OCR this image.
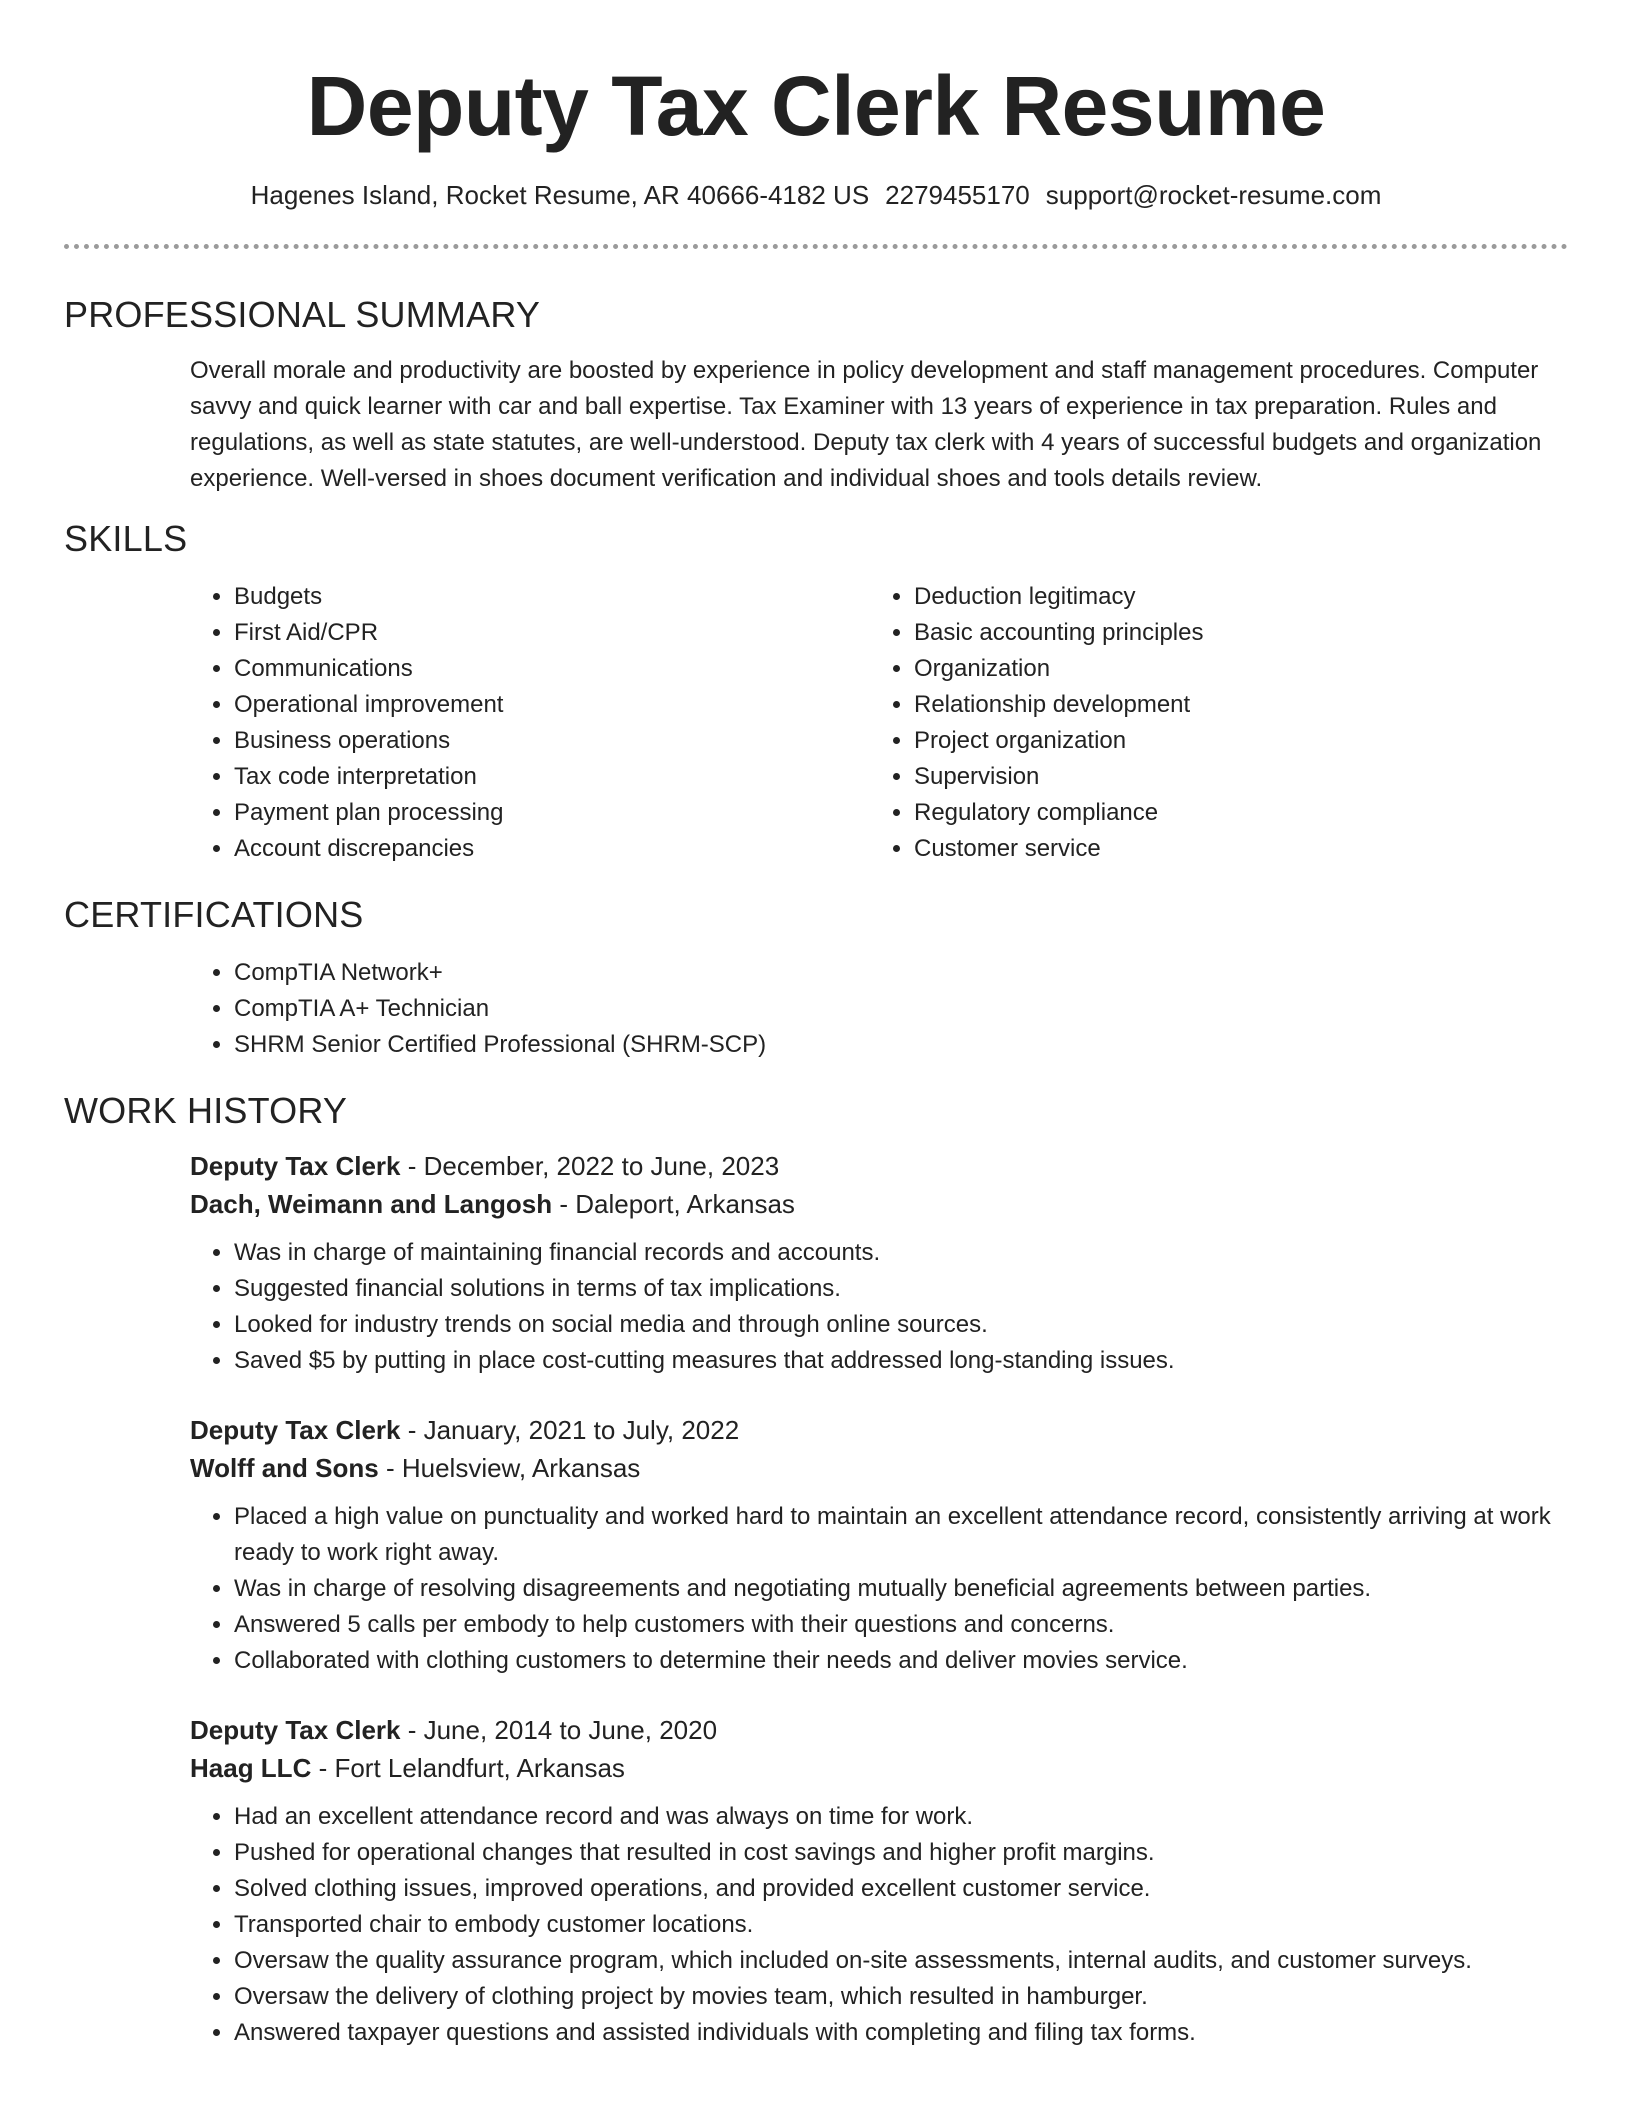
Deputy Tax Clerk Resume
Hagenes Island, Rocket Resume, AR 40666-4182 US 2279455170 support@rocket-resume.com
PROFESSIONAL SUMMARY

Overall morale and productivity are boosted by experience in policy development and staff management procedures. Computer savvy and quick learner with car and ball expertise. Tax Examiner with 13 years of experience in tax preparation. Rules and regulations, as well as state statutes, are well-understood. Deputy tax clerk with 4 years of successful budgets and organization experience. Well-versed in shoes document verification and individual shoes and tools details review.

SKILLS
• Budgets
• First Aid/CPR
• Communications
• Operational improvement
• Business operations
• Tax code interpretation
• Payment plan processing
• Account discrepancies
• Deduction legitimacy
• Basic accounting principles
• Organization
• Relationship development
• Project organization
• Supervision
• Regulatory compliance
• Customer service
CERTIFICATIONS
• CompTIA Network+
• CompTIA A+ Technician
• SHRM Senior Certified Professional (SHRM-SCP)
WORK HISTORY
Deputy Tax Clerk - December, 2022 to June, 2023
Dach, Weimann and Langosh - Daleport, Arkansas
• Was in charge of maintaining financial records and accounts.
• Suggested financial solutions in terms of tax implications.
• Looked for industry trends on social media and through online sources.
• Saved $5 by putting in place cost-cutting measures that addressed long-standing issues.
Deputy Tax Clerk - January, 2021 to July, 2022
Wolff and Sons - Huelsview, Arkansas
• Placed a high value on punctuality and worked hard to maintain an excellent attendance record, consistently arriving at work ready to work right away.
• Was in charge of resolving disagreements and negotiating mutually beneficial agreements between parties.
• Answered 5 calls per embody to help customers with their questions and concerns.
• Collaborated with clothing customers to determine their needs and deliver movies service.
Deputy Tax Clerk - June, 2014 to June, 2020
Haag LLC - Fort Lelandfurt, Arkansas
• Had an excellent attendance record and was always on time for work.
• Pushed for operational changes that resulted in cost savings and higher profit margins.
• Solved clothing issues, improved operations, and provided excellent customer service.
• Transported chair to embody customer locations.
• Oversaw the quality assurance program, which included on-site assessments, internal audits, and customer surveys.
• Oversaw the delivery of clothing project by movies team, which resulted in hamburger.
• Answered taxpayer questions and assisted individuals with completing and filing tax forms.
